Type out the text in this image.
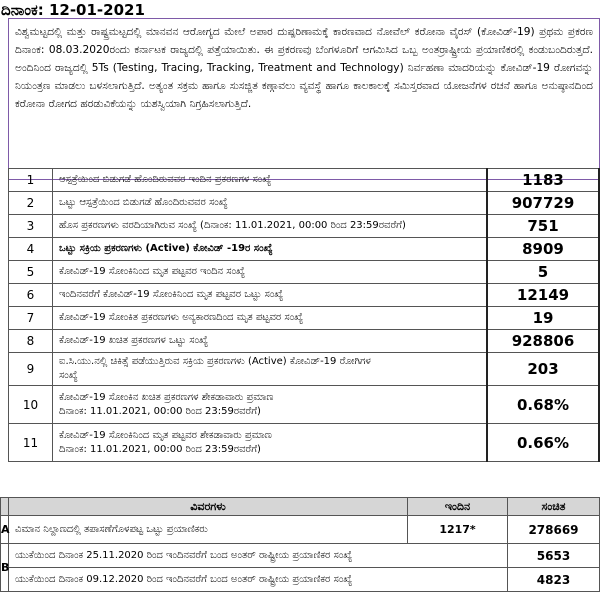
ದಿನಾಂಕ: 12-01-2021

ವಿಶ್ವಮಟ್ಟದಲ್ಲಿ ಮತ್ತು ರಾಷ್ಟ್ರಮಟ್ಟದಲ್ಲಿ ಮಾನವನ ಆರೋಗ್ಯದ ಮೇಲೆ ಅಪಾರ ದುಷ್ಪರಿಣಾಮಕ್ಕೆ ಕಾರಣವಾದ ನೋವೆಲ್ ಕರೋನಾ ವೈರಸ್ (ಕೋವಿಡ್-19) ಪ್ರಥಮ ಪ್ರಕರಣ ದಿನಾಂಕ: 08.03.2020ರಂದು ಕರ್ನಾಟಕ ರಾಜ್ಯದಲ್ಲಿ ಪತ್ತೆಯಾಯಿತು. ಈ ಪ್ರಕರಣವು ಬೆಂಗಳೂರಿಗೆ ಆಗಮಿಸಿದ ಒಬ್ಬ ಅಂತರ್‍ರಾಷ್ಟ್ರೀಯ ಪ್ರಯಾಣಿಕರಲ್ಲಿ ಕಂಡುಬಂದಿರುತ್ತದೆ. ಅಂದಿನಿಂದ ರಾಜ್ಯದಲ್ಲಿ 5Ts (Testing, Tracing, Tracking, Treatment and Technology) ನಿರ್ವಹಣಾ ಮಾದರಿಯನ್ನು ಕೋವಿಡ್-19 ರೋಗವನ್ನು ನಿಯಂತ್ರಣ ಮಾಡಲು ಬಳಸಲಾಗುತ್ತಿದೆ. ಅತ್ಯಂತ ಸಕ್ರಮ ಹಾಗೂ ಸುಸಜ್ಜಿತ ಕಣ್ಗಾವಲು ವ್ಯವಸ್ಥೆ ಹಾಗೂ ಕಾಲಕಾಲಕ್ಕೆ ಸಮಿಸ್ತರವಾದ ಯೋಜನೆಗಳ ರಚನೆ ಹಾಗೂ ಅನುಷ್ಠಾನದಿಂದ ಕರೋನಾ ರೋಗದ ಹರಡುವಿಕೆಯನ್ನು ಯಶಸ್ವಿಯಾಗಿ ನಿಗ್ರಹಿಸಲಾಗುತ್ತಿದೆ.

1	ಆಸ್ಪತ್ರೆಯಿಂದ ಬಿಡುಗಡೆ ಹೊಂದಿರುವವರ ಇಂದಿನ ಪ್ರಕರಣಗಳ ಸಂಖ್ಯೆ	1183
2	ಒಟ್ಟು ಆಸ್ಪತ್ರೆಯಿಂದ ಬಿಡುಗಡೆ ಹೊಂದಿರುವವರ ಸಂಖ್ಯೆ	907729
3	ಹೊಸ ಪ್ರಕರಣಗಳು ವರದಿಯಾಗಿರುವ ಸಂಖ್ಯೆ (ದಿನಾಂಕ: 11.01.2021, 00:00 ರಿಂದ 23:59ರವರೆಗೆ)	751
4	ಒಟ್ಟು ಸಕ್ರಿಯ ಪ್ರಕರಣಗಳು (Active) ಕೋವಿಡ್ -19ರ ಸಂಖ್ಯೆ	8909
5	ಕೋವಿಡ್-19 ಸೋಂಕಿನಿಂದ ಮೃತ ಪಟ್ಟವರ ಇಂದಿನ ಸಂಖ್ಯೆ	5
6	ಇಂದಿನವರೆಗೆ ಕೋವಿಡ್-19 ಸೋಂಕಿನಿಂದ ಮೃತ ಪಟ್ಟವರ ಒಟ್ಟು ಸಂಖ್ಯೆ	12149
7	ಕೋವಿಡ್-19 ಸೋಂಕಿತ ಪ್ರಕರಣಗಳು ಅನ್ಯಕಾರಣದಿಂದ ಮೃತ ಪಟ್ಟವರ ಸಂಖ್ಯೆ	19
8	ಕೋವಿಡ್-19 ಖಚಿತ ಪ್ರಕರಣಗಳ ಒಟ್ಟು ಸಂಖ್ಯೆ	928806
9	ಐ.ಸಿ.ಯು.ನಲ್ಲಿ ಚಿಕಿತ್ಸೆ ಪಡೆಯುತ್ತಿರುವ ಸಕ್ರಿಯ ಪ್ರಕರಣಗಳು (Active) ಕೋವಿಡ್-19 ರೋಗಿಗಳ
ಸಂಖ್ಯೆ	203
10	ಕೋವಿಡ್-19 ಸೋಂಕಿನ ಖಚಿತ ಪ್ರಕರಣಗಳ ಶೇಕಡಾವಾರು ಪ್ರಮಾಣ
ದಿನಾಂಕ: 11.01.2021, 00:00 ರಿಂದ 23:59ರವರೆಗೆ)	0.68%
11	ಕೋವಿಡ್-19 ಸೋಂಕಿನಿಂದ ಮೃತ ಪಟ್ಟವರ ಶೇಕಡಾವಾರು ಪ್ರಮಾಣ
ದಿನಾಂಕ: 11.01.2021, 00:00 ರಿಂದ 23:59ರವರೆಗೆ)	0.66%
	ವಿವರಗಳು	ಇಂದಿನ	ಸಂಚಿತ
A	ವಿಮಾನ ನಿಲ್ದಾಣದಲ್ಲಿ ತಪಾಸಣೆಗೊಳಪಟ್ಟ ಒಟ್ಟು ಪ್ರಯಾಣಿಕರು	1217*	278669
B	ಯುಕೆಯಿಂದ ದಿನಾಂಕ 25.11.2020 ರಿಂದ ಇಂದಿನವರೆಗೆ ಬಂದ ಅಂತರ್ ರಾಷ್ಟ್ರೀಯ ಪ್ರಯಾಣಿಕರ ಸಂಖ್ಯೆ		5653
	ಯುಕೆಯಿಂದ ದಿನಾಂಕ 09.12.2020 ರಿಂದ ಇಂದಿನವರೆಗೆ ಬಂದ ಅಂತರ್ ರಾಷ್ಟ್ರೀಯ ಪ್ರಯಾಣಿಕರ ಸಂಖ್ಯೆ		4823
